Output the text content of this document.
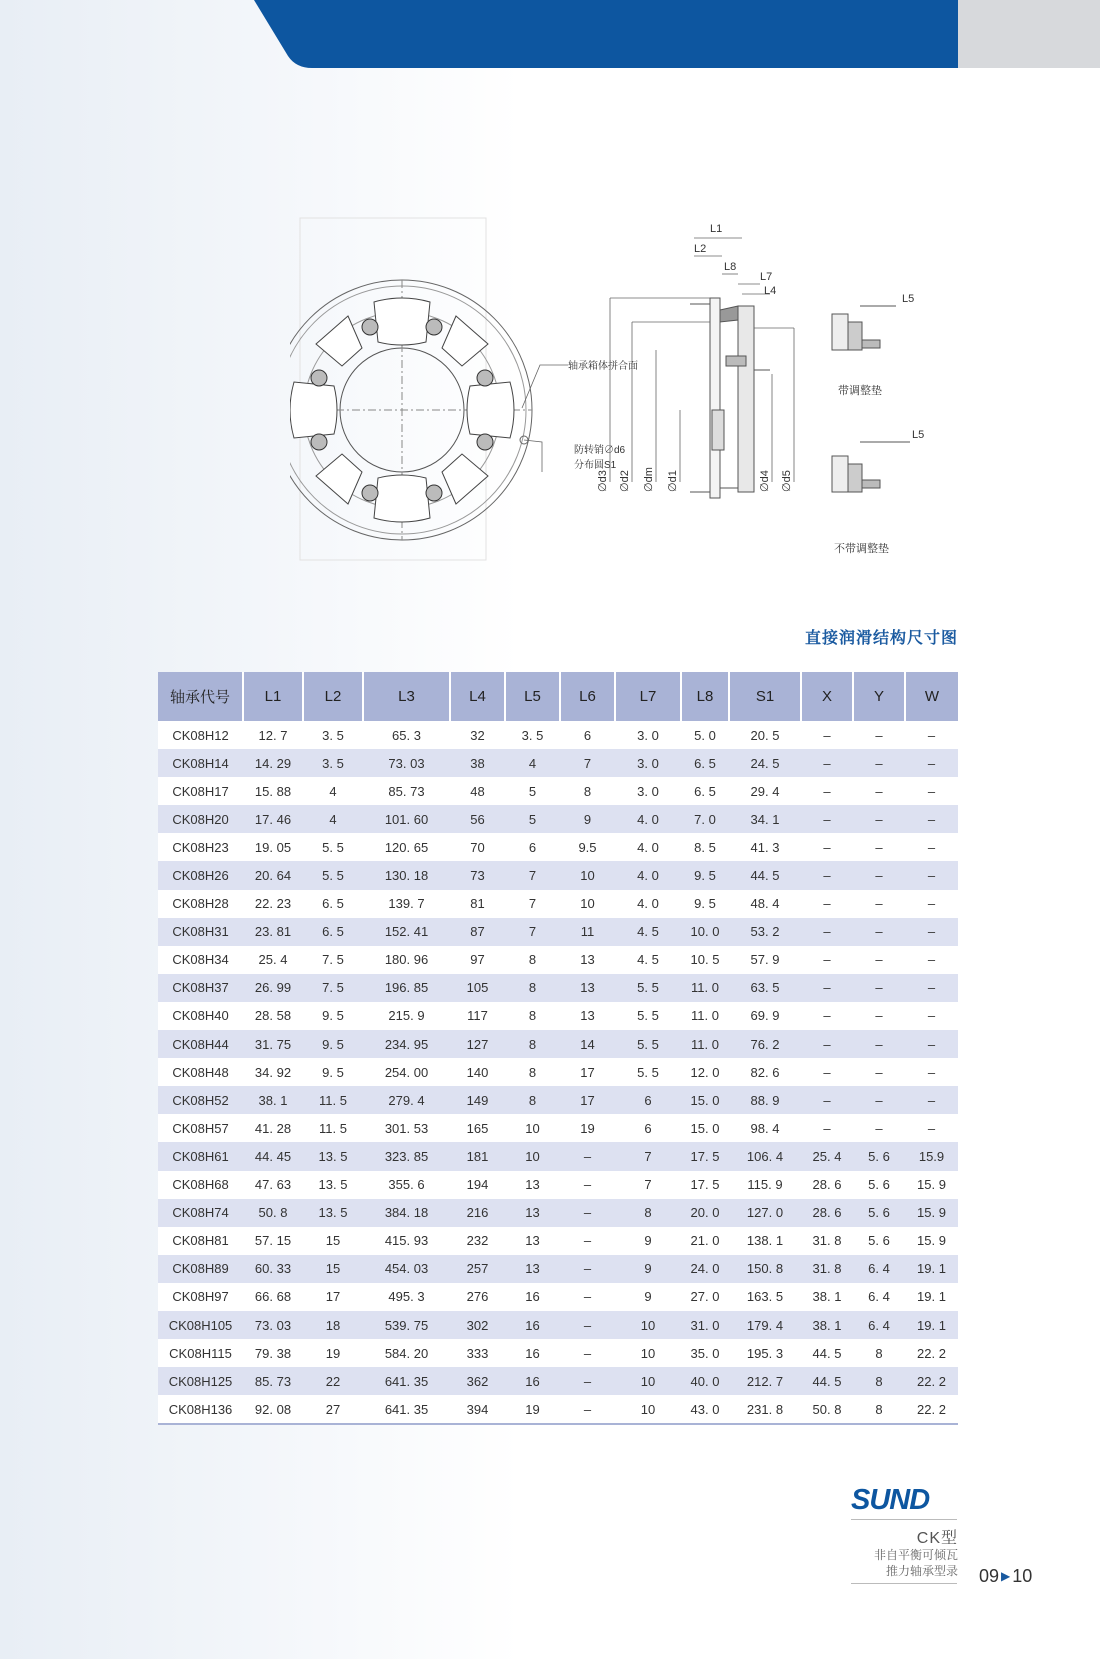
轴承箱体拼合面
防转销∅d6
分布圆S1
∅d3 ∅d2 ∅dm ∅d1	∅d4 ∅d5
L1
L2
L8
L7
L4
L5
带调整垫
L5
不带调整垫
直接润滑结构尺寸图
轴承代号	L1	L2	L3	L4	L5	L6	L7	L8	S1	X	Y	W
CK08H12	12. 7	3. 5	65. 3	32	3. 5	6	3. 0	5. 0	20. 5	–	–	–
CK08H14	14. 29	3. 5	73. 03	38	4	7	3. 0	6. 5	24. 5	–	–	–
CK08H17	15. 88	4	85. 73	48	5	8	3. 0	6. 5	29. 4	–	–	–
CK08H20	17. 46	4	101. 60	56	5	9	4. 0	7. 0	34. 1	–	–	–
CK08H23	19. 05	5. 5	120. 65	70	6	9.5	4. 0	8. 5	41. 3	–	–	–
CK08H26	20. 64	5. 5	130. 18	73	7	10	4. 0	9. 5	44. 5	–	–	–
CK08H28	22. 23	6. 5	139. 7	81	7	10	4. 0	9. 5	48. 4	–	–	–
CK08H31	23. 81	6. 5	152. 41	87	7	11	4. 5	10. 0	53. 2	–	–	–
CK08H34	25. 4	7. 5	180. 96	97	8	13	4. 5	10. 5	57. 9	–	–	–
CK08H37	26. 99	7. 5	196. 85	105	8	13	5. 5	11. 0	63. 5	–	–	–
CK08H40	28. 58	9. 5	215. 9	117	8	13	5. 5	11. 0	69. 9	–	–	–
CK08H44	31. 75	9. 5	234. 95	127	8	14	5. 5	11. 0	76. 2	–	–	–
CK08H48	34. 92	9. 5	254. 00	140	8	17	5. 5	12. 0	82. 6	–	–	–
CK08H52	38. 1	11. 5	279. 4	149	8	17	6	15. 0	88. 9	–	–	–
CK08H57	41. 28	11. 5	301. 53	165	10	19	6	15. 0	98. 4	–	–	–
CK08H61	44. 45	13. 5	323. 85	181	10	–	7	17. 5	106. 4	25. 4	5. 6	15.9
CK08H68	47. 63	13. 5	355. 6	194	13	–	7	17. 5	115. 9	28. 6	5. 6	15. 9
CK08H74	50. 8	13. 5	384. 18	216	13	–	8	20. 0	127. 0	28. 6	5. 6	15. 9
CK08H81	57. 15	15	415. 93	232	13	–	9	21. 0	138. 1	31. 8	5. 6	15. 9
CK08H89	60. 33	15	454. 03	257	13	–	9	24. 0	150. 8	31. 8	6. 4	19. 1
CK08H97	66. 68	17	495. 3	276	16	–	9	27. 0	163. 5	38. 1	6. 4	19. 1
CK08H105	73. 03	18	539. 75	302	16	–	10	31. 0	179. 4	38. 1	6. 4	19. 1
CK08H115	79. 38	19	584. 20	333	16	–	10	35. 0	195. 3	44. 5	8	22. 2
CK08H125	85. 73	22	641. 35	362	16	–	10	40. 0	212. 7	44. 5	8	22. 2
CK08H136	92. 08	27	641. 35	394	19	–	10	43. 0	231. 8	50. 8	8	22. 2
SUND
CK型
非自平衡可倾瓦
推力轴承型录 09 ▶ 10
